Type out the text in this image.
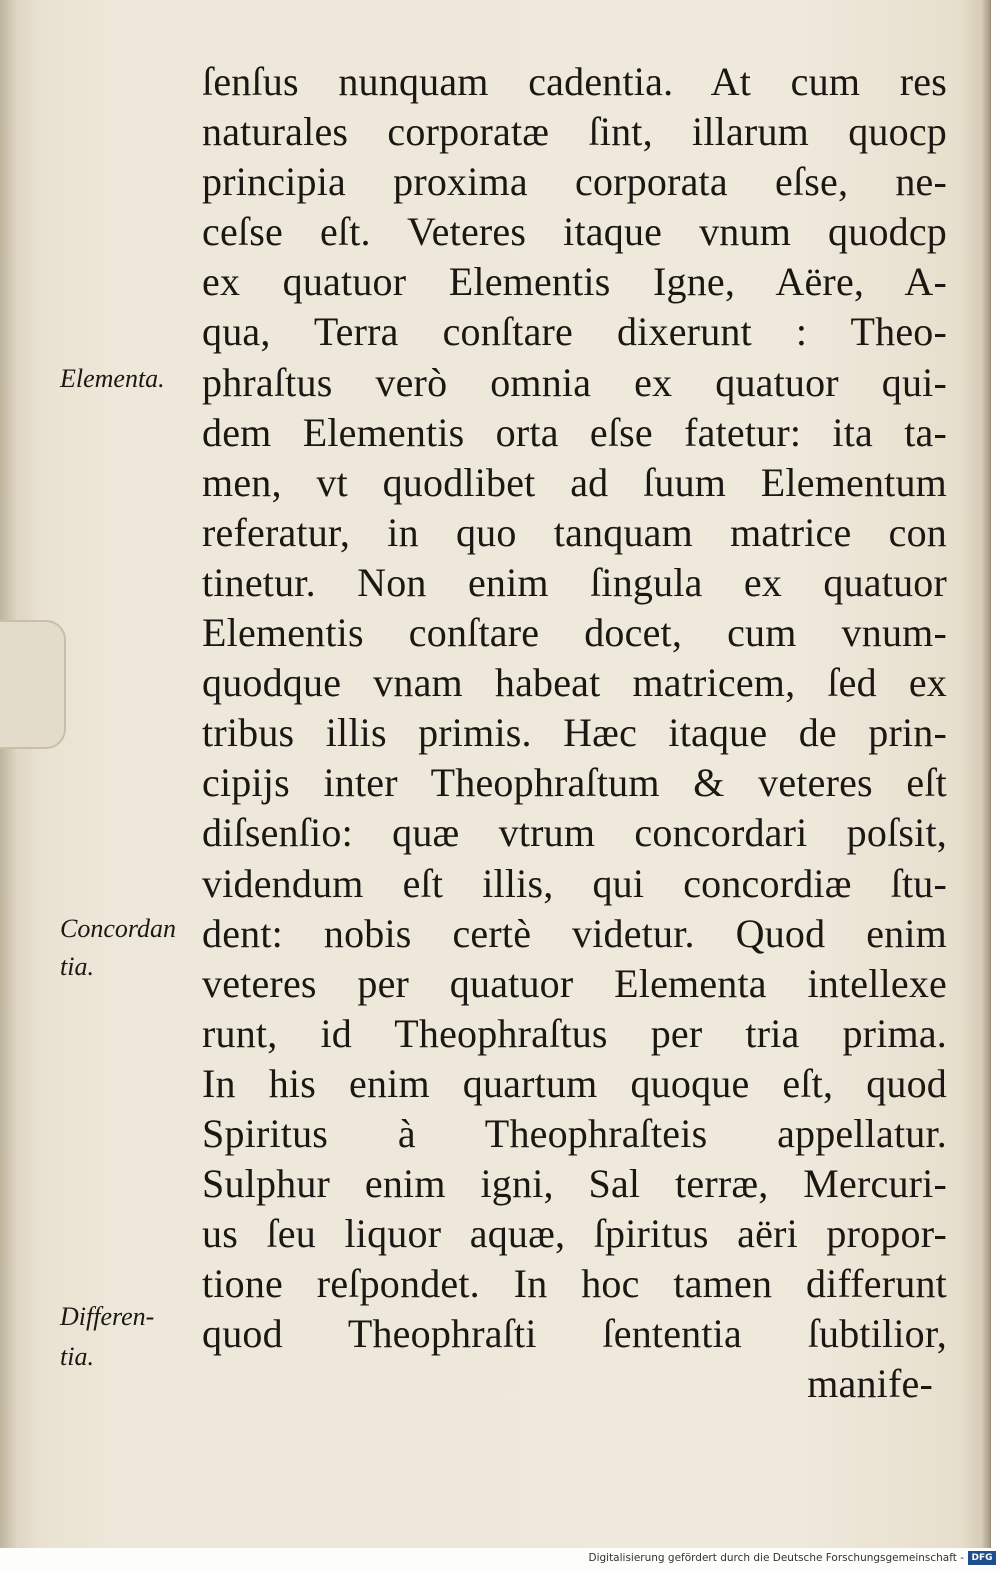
ſenſus nunquam cadentia. At cum res
naturales corporatæ ſint, illarum quocp
principia proxima corporata eſse, ne-
ceſse eſt. Veteres itaque vnum quodcp
ex quatuor Elementis Igne, Aëre, A-
qua, Terra conſtare dixerunt : Theo-
phraſtus verò omnia ex quatuor qui-
dem Elementis orta eſse fatetur: ita ta-
men, vt quodlibet ad ſuum Elementum
referatur, in quo tanquam matrice con
tinetur. Non enim ſingula ex quatuor
Elementis conſtare docet, cum vnum-
quodque vnam habeat matricem, ſed ex
tribus illis primis. Hæc itaque de prin-
cipijs inter Theophraſtum & veteres eſt
diſsenſio: quæ vtrum concordari poſsit,
videndum eſt illis, qui concordiæ ſtu-
dent: nobis certè videtur. Quod enim
veteres per quatuor Elementa intellexe
runt, id Theophraſtus per tria prima.
In his enim quartum quoque eſt, quod
Spiritus à Theophraſteis appellatur.
Sulphur enim igni, Sal terræ, Mercuri-
us ſeu liquor aquæ, ſpiritus aëri propor-
tione reſpondet. In hoc tamen differunt
quod Theophraſti ſententia ſubtilior,
manife-
Elementa.
Concordan
tia.
Differen-
tia.
Digitalisierung gefördert durch die Deutsche Forschungsgemeinschaft - DFG
